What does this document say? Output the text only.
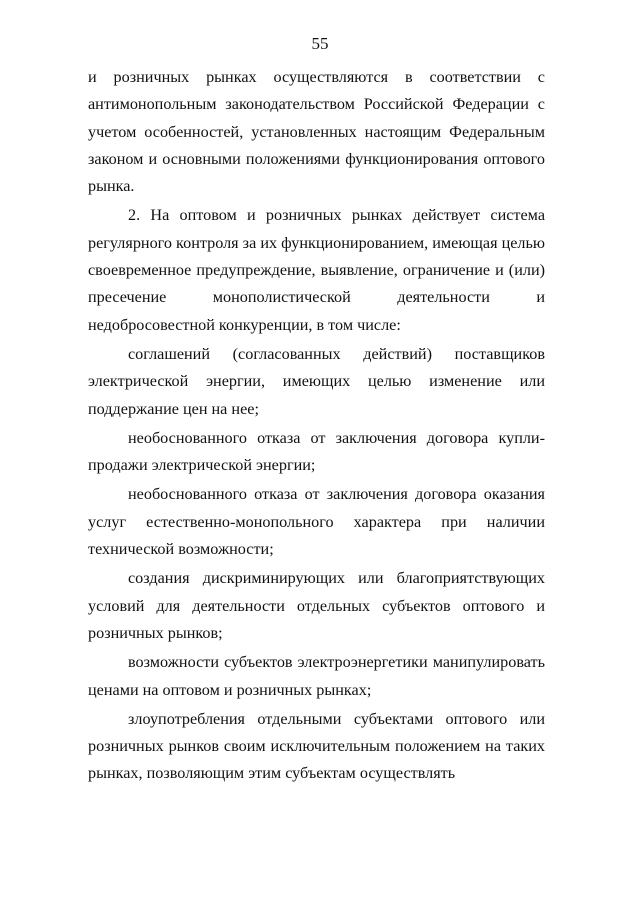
55

и розничных рынках осуществляются в соответствии с антимонопольным законодательством Российской Федерации с учетом особенностей, установленных настоящим Федеральным законом и основными положениями функционирования оптового рынка.

2. На оптовом и розничных рынках действует система регулярного контроля за их функционированием, имеющая целью своевременное предупреждение, выявление, ограничение и (или) пресечение монополистической деятельности и недобросовестной конкуренции, в том числе:

соглашений (согласованных действий) поставщиков электрической энергии, имеющих целью изменение или поддержание цен на нее;

необоснованного отказа от заключения договора купли-продажи электрической энергии;

необоснованного отказа от заключения договора оказания услуг естественно-монопольного характера при наличии технической возможности;

создания дискриминирующих или благоприятствующих условий для деятельности отдельных субъектов оптового и розничных рынков;

возможности субъектов электроэнергетики манипулировать ценами на оптовом и розничных рынках;

злоупотребления отдельными субъектами оптового или розничных рынков своим исключительным положением на таких рынках, позволяющим этим субъектам осуществлять
